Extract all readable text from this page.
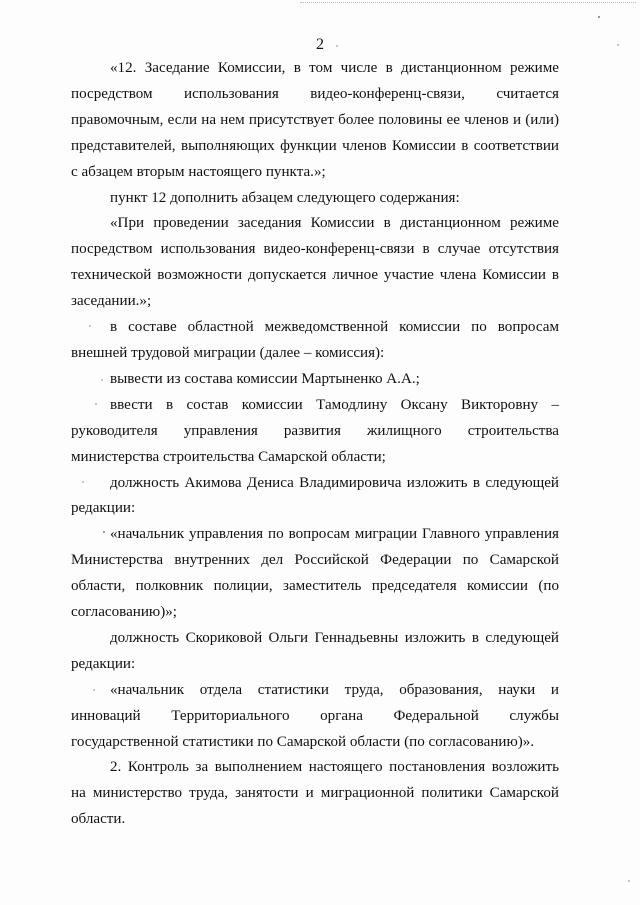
2

«12. Заседание Комиссии, в том числе в дистанционном режиме посредством использования видео-конференц-связи, считается правомочным, если на нем присутствует более половины ее членов и (или) представителей, выполняющих функции членов Комиссии в соответствии с абзацем вторым настоящего пункта.»;

пункт 12 дополнить абзацем следующего содержания:

«При проведении заседания Комиссии в дистанционном режиме посредством использования видео-конференц-связи в случае отсутствия технической возможности допускается личное участие члена Комиссии в заседании.»;

в составе областной межведомственной комиссии по вопросам внешней трудовой миграции (далее – комиссия):

вывести из состава комиссии Мартыненко А.А.;

ввести в состав комиссии Тамодлину Оксану Викторовну – руководителя управления развития жилищного строительства министерства строительства Самарской области;

должность Акимова Дениса Владимировича изложить в следующей редакции:

«начальник управления по вопросам миграции Главного управления Министерства внутренних дел Российской Федерации по Самарской области, полковник полиции, заместитель председателя комиссии (по согласованию)»;

должность Скориковой Ольги Геннадьевны изложить в следующей редакции:

«начальник отдела статистики труда, образования, науки и инноваций Территориального органа Федеральной службы государственной статистики по Самарской области (по согласованию)».

2. Контроль за выполнением настоящего постановления возложить на министерство труда, занятости и миграционной политики Самарской области.
